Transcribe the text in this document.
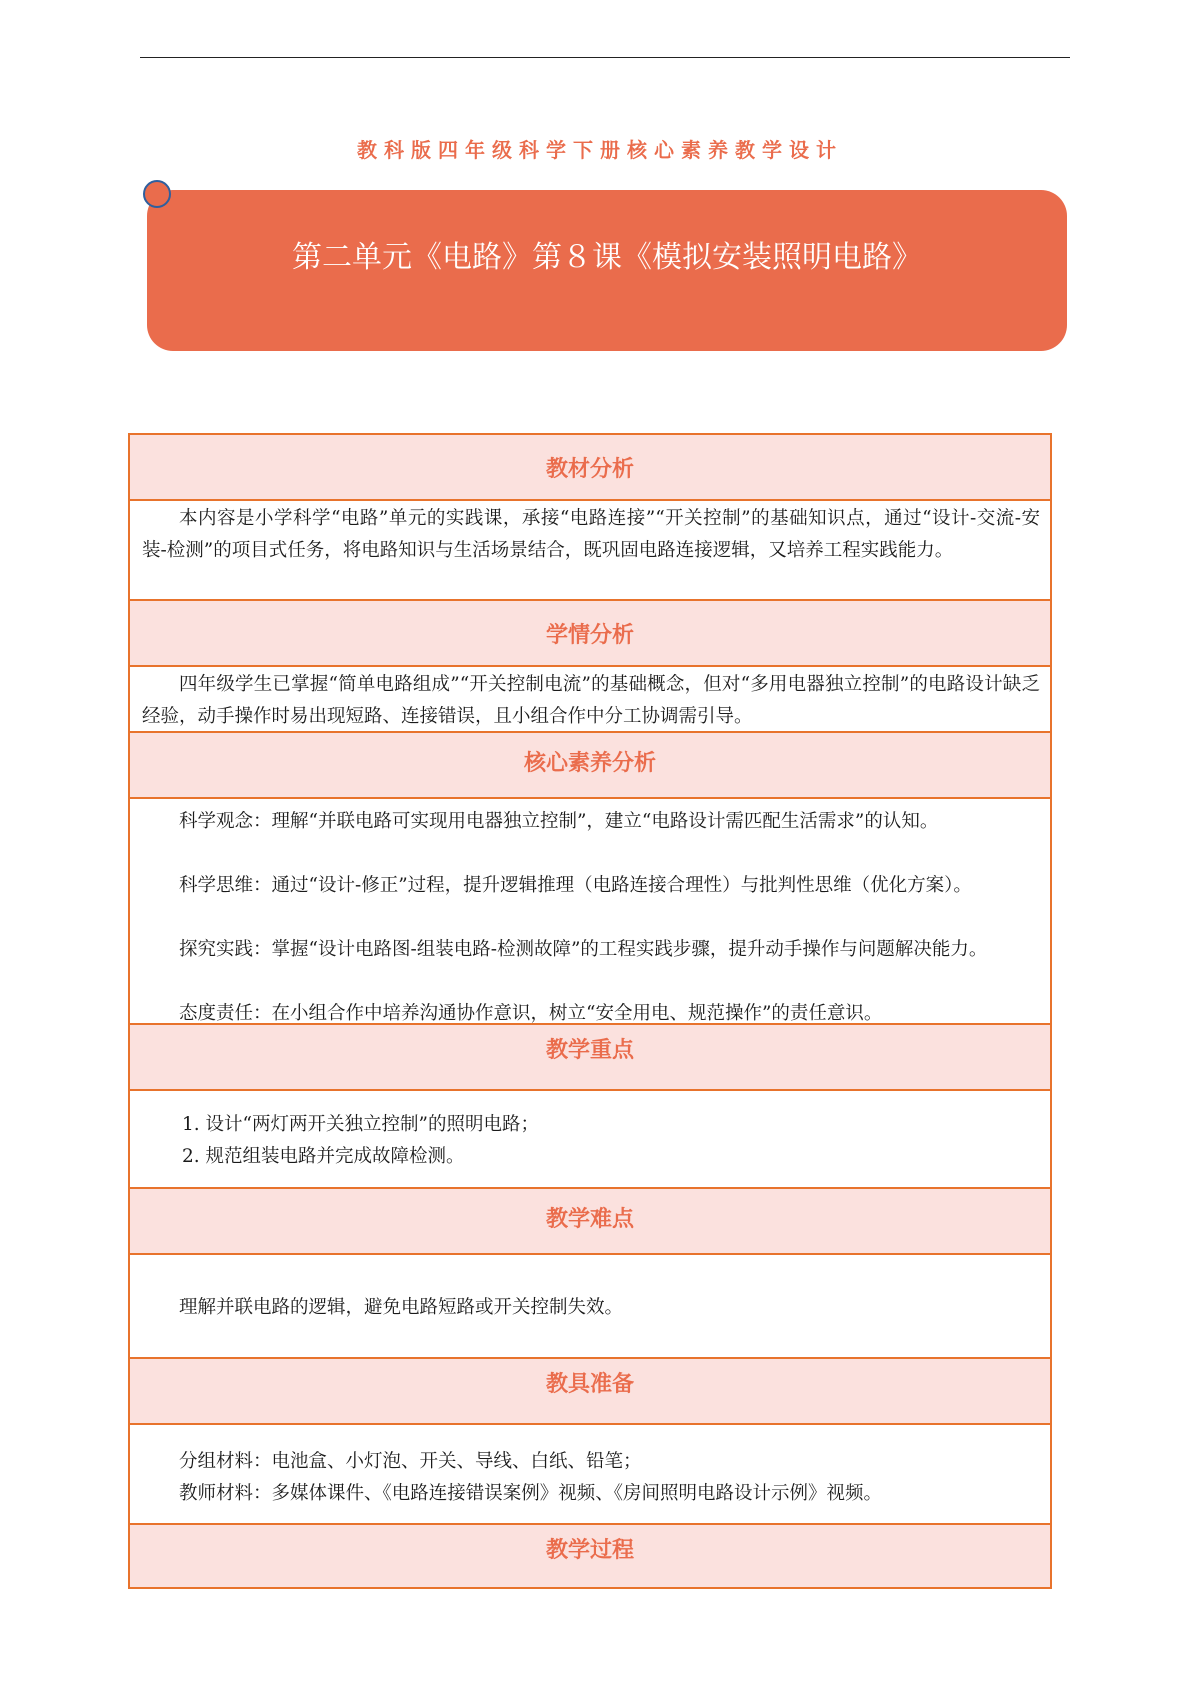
教科版四年级科学下册核心素养教学设计
第二单元《电路》第８课《模拟安装照明电路》
教材分析
本内容是小学科学“电路”单元的实践课，承接“电路连接”“开关控制”的基础知识点，通过“设计-交流-安装-检测”的项目式任务，将电路知识与生活场景结合，既巩固电路连接逻辑，又培养工程实践能力。
学情分析
四年级学生已掌握“简单电路组成”“开关控制电流”的基础概念，但对“多用电器独立控制”的电路设计缺乏经验，动手操作时易出现短路、连接错误，且小组合作中分工协调需引导。
核心素养分析
科学观念：理解“并联电路可实现用电器独立控制”，建立“电路设计需匹配生活需求”的认知。
科学思维：通过“设计-修正”过程，提升逻辑推理（电路连接合理性）与批判性思维（优化方案）。
探究实践：掌握“设计电路图-组装电路-检测故障”的工程实践步骤，提升动手操作与问题解决能力。
态度责任：在小组合作中培养沟通协作意识，树立“安全用电、规范操作”的责任意识。
教学重点
1. 设计“两灯两开关独立控制”的照明电路；
2. 规范组装电路并完成故障检测。
教学难点
理解并联电路的逻辑，避免电路短路或开关控制失效。
教具准备
分组材料：电池盒、小灯泡、开关、导线、白纸、铅笔；
教师材料：多媒体课件、《电路连接错误案例》视频、《房间照明电路设计示例》视频。
教学过程
